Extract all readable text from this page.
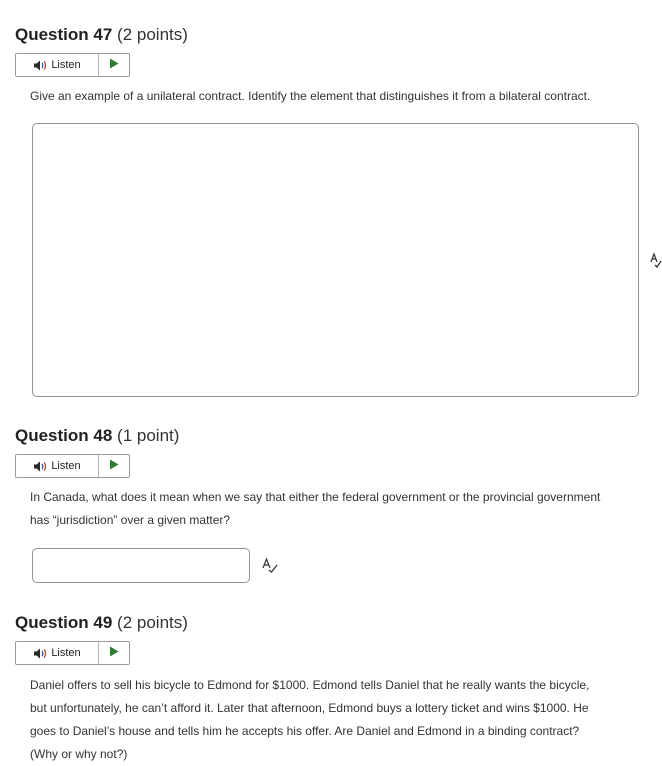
Question 47 (2 points)
Listen
Give an example of a unilateral contract. Identify the element that distinguishes it from a bilateral contract.
Question 48 (1 point)
Listen
In Canada, what does it mean when we say that either the federal government or the provincial government
has “jurisdiction” over a given matter?
Question 49 (2 points)
Listen
Daniel offers to sell his bicycle to Edmond for $1000. Edmond tells Daniel that he really wants the bicycle,
but unfortunately, he can’t afford it. Later that afternoon, Edmond buys a lottery ticket and wins $1000. He
goes to Daniel’s house and tells him he accepts his offer. Are Daniel and Edmond in a binding contract?
(Why or why not?)
